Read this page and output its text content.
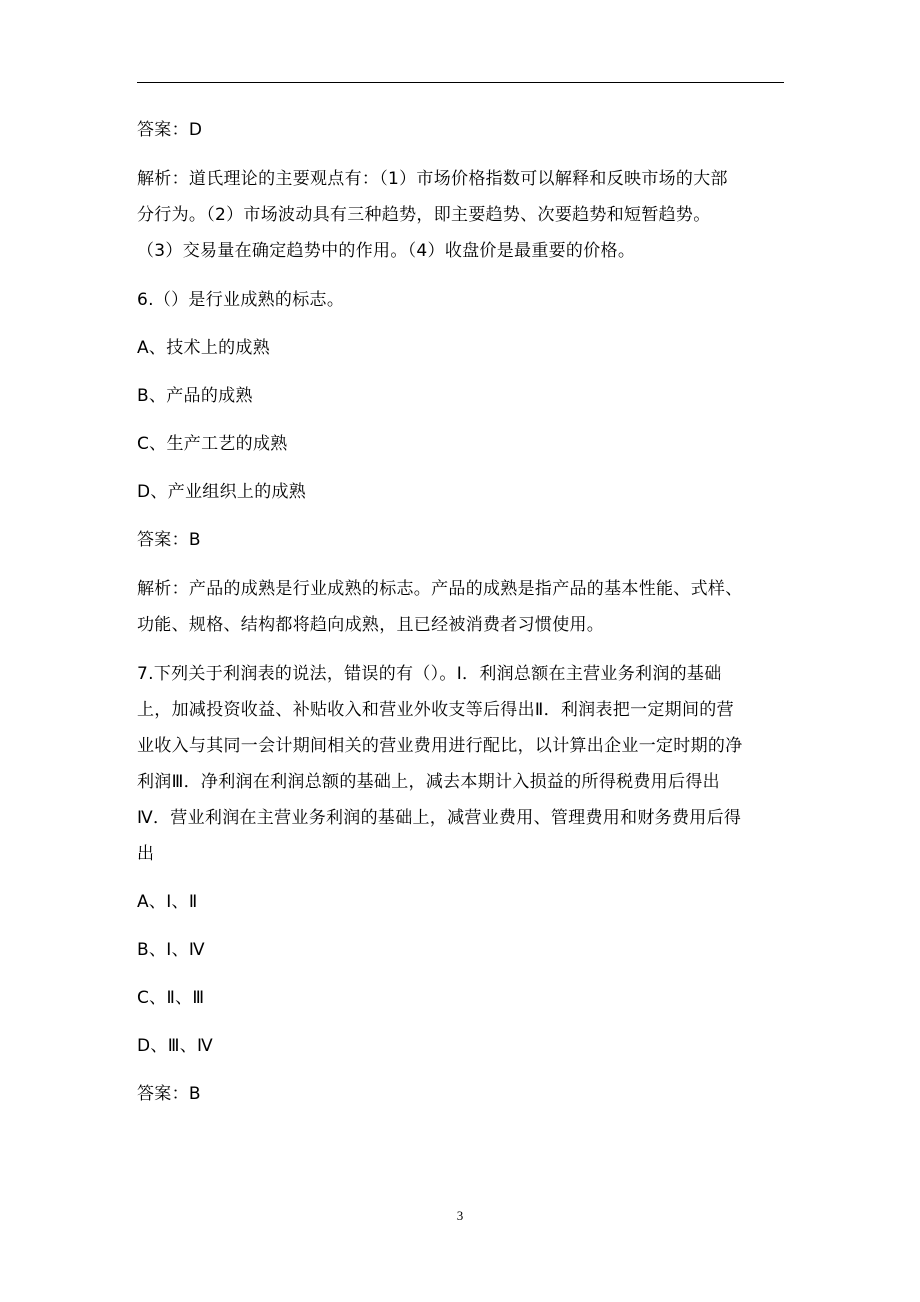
答案：D
解析：道氏理论的主要观点有：（1）市场价格指数可以解释和反映市场的大部
分行为。（2）市场波动具有三种趋势，即主要趋势、次要趋势和短暂趋势。
（3）交易量在确定趋势中的作用。（4）收盘价是最重要的价格。
6.（）是行业成熟的标志。
A、技术上的成熟
B、产品的成熟
C、生产工艺的成熟
D、产业组织上的成熟
答案：B
解析：产品的成熟是行业成熟的标志。产品的成熟是指产品的基本性能、式样、
功能、规格、结构都将趋向成熟，且已经被消费者习惯使用。
7.下列关于利润表的说法，错误的有（）。Ⅰ．利润总额在主营业务利润的基础
上，加减投资收益、补贴收入和营业外收支等后得出Ⅱ．利润表把一定期间的营
业收入与其同一会计期间相关的营业费用进行配比，以计算出企业一定时期的净
利润Ⅲ．净利润在利润总额的基础上，减去本期计入损益的所得税费用后得出
Ⅳ．营业利润在主营业务利润的基础上，减营业费用、管理费用和财务费用后得
出
A、Ⅰ、Ⅱ
B、Ⅰ、Ⅳ
C、Ⅱ、Ⅲ
D、Ⅲ、Ⅳ
答案：B
3
